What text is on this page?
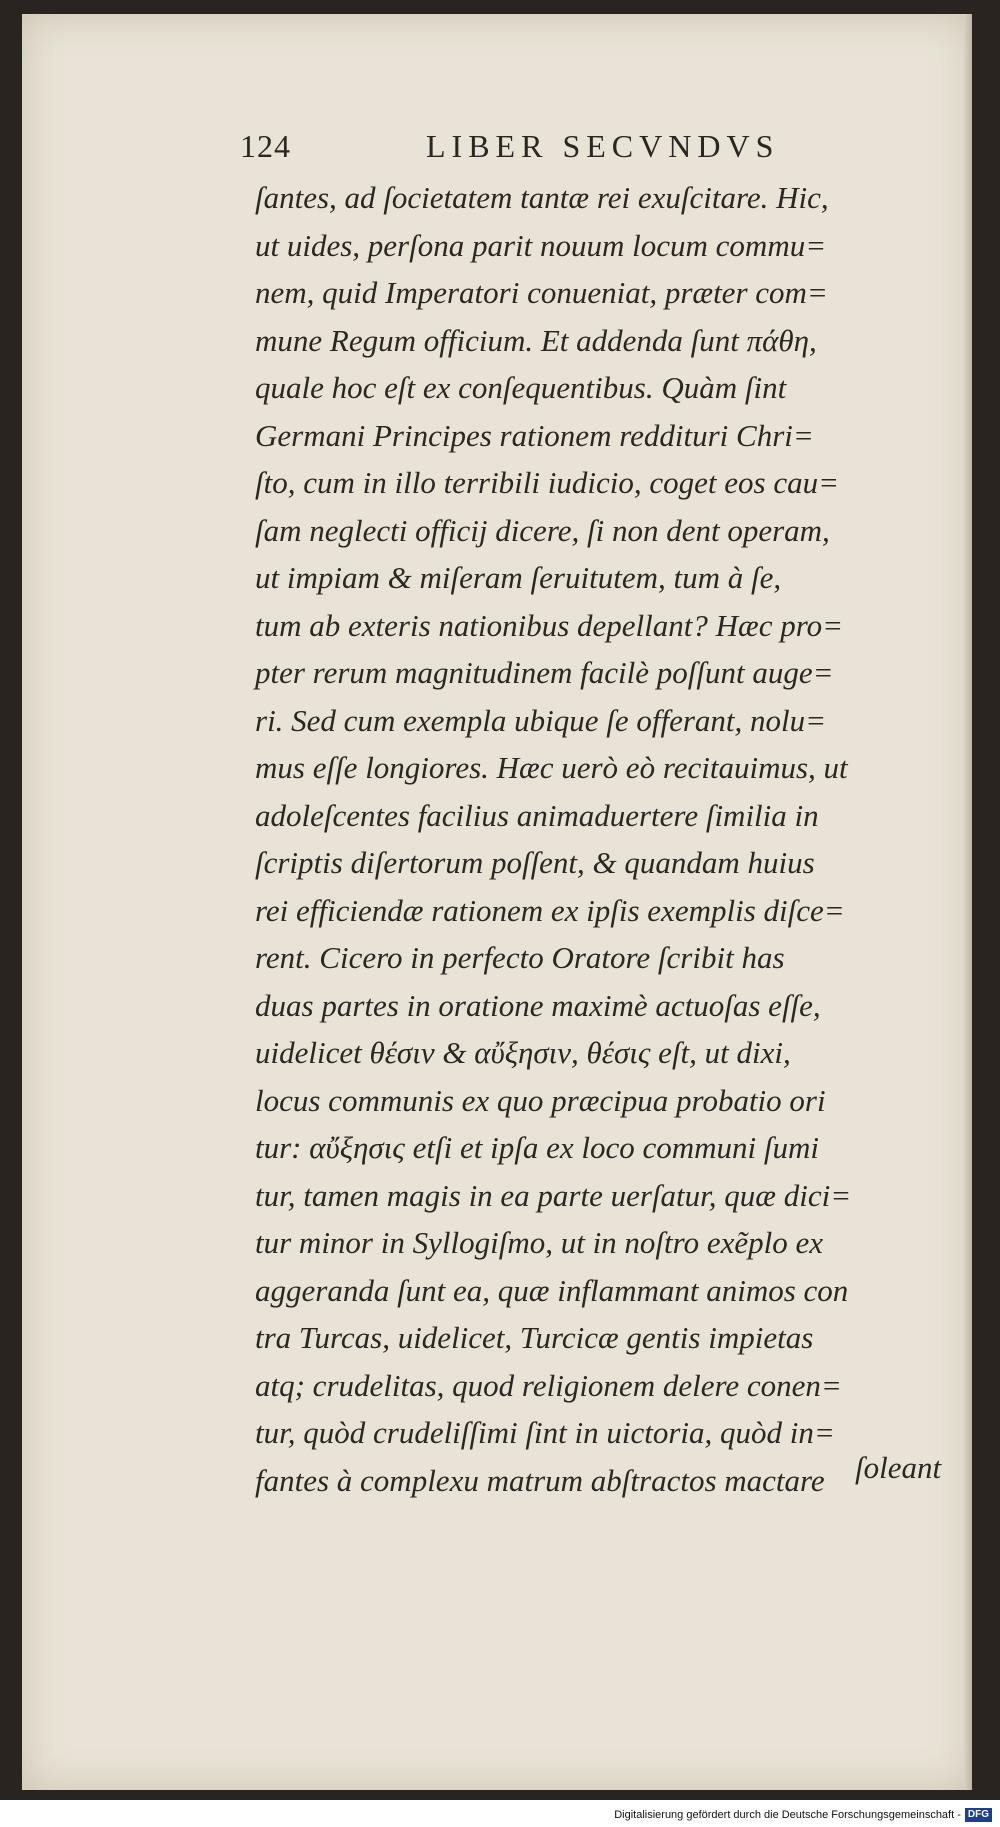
124	LIBER SECVNDVS
ſantes, ad ſocietatem tantæ rei exuſcitare. Hic,
ut uides, perſona parit nouum locum commu=
nem, quid Imperatori conueniat, præter com=
mune Regum officium. Et addenda ſunt πάθη,
quale hoc eſt ex conſequentibus. Quàm ſint
Germani Principes rationem reddituri Chri=
ſto, cum in illo terribili iudicio, coget eos cau=
ſam neglecti officij dicere, ſi non dent operam,
ut impiam & miſeram ſeruitutem, tum à ſe,
tum ab exteris nationibus depellant? Hæc pro=
pter rerum magnitudinem facilè poſſunt auge=
ri. Sed cum exempla ubique ſe offerant, nolu=
mus eſſe longiores. Hæc uerò eò recitauimus, ut
adoleſcentes facilius animaduertere ſimilia in
ſcriptis diſertorum poſſent, & quandam huius
rei efficiendæ rationem ex ipſis exemplis diſce=
rent. Cicero in perfecto Oratore ſcribit has
duas partes in oratione maximè actuoſas eſſe,
uidelicet θέσιν & αὔξησιν, θέσις eſt, ut dixi,
locus communis ex quo præcipua probatio ori
tur: αὔξησις etſi et ipſa ex loco communi ſumi
tur, tamen magis in ea parte uerſatur, quæ dici=
tur minor in Syllogiſmo, ut in noſtro exẽplo ex
aggeranda ſunt ea, quæ inflammant animos con
tra Turcas, uidelicet, Turcicæ gentis impietas
atq; crudelitas, quod religionem delere conen=
tur, quòd crudeliſſimi ſint in uictoria, quòd in=
fantes à complexu matrum abſtractos mactare ſoleant
Digitalisierung gefördert durch die Deutsche Forschungsgemeinschaft - DFG
